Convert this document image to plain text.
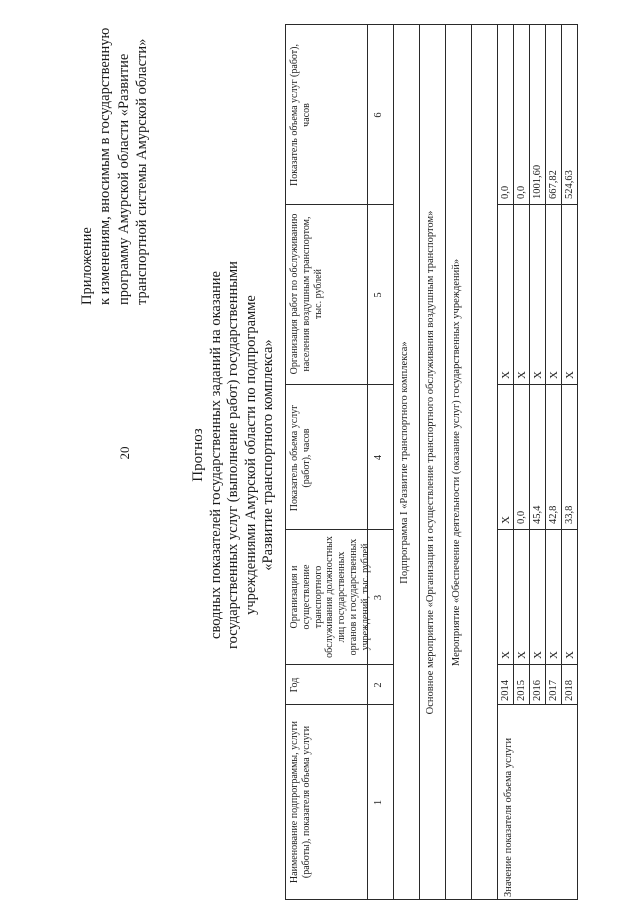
20
Приложение к изменениям, вносимым в государственную программу Амурской области «Развитие транспортной системы Амурской области»
Прогноз сводных показателей государственных заданий на оказание государственных услуг (выполнение работ) государственными учреждениями Амурской области по подпрограмме «Развитие транспортного комплекса»
Наименование подпрограммы, услуги (работы), показателя объема услуги
Год
Организация и осуществление транспортного обслуживания должностных лиц государственных органов и государственных учреждений, тыс. рублей
Показатель объема услуг (работ), часов
Организация работ по обслуживанию населения воздушным транспортом, тыс. рублей
Показатель объема услуг (работ), часов
1
2
3
4
5
6
Подпрограмма I «Развитие транспортного комплекса»	Основное мероприятие «Организация и осуществление транспортного обслуживания воздушным транспортом»	Мероприятие «Обеспечение деятельности (оказание услуг) государственных учреждений»
Значение показателя объема услуги
2014
X
X
X
0,0
2015
X
0,0
X
0,0
2016
X
45,4
X
1001,60
2017
X
42,8
X
667,82
2018
X
33,8
X
524,63
